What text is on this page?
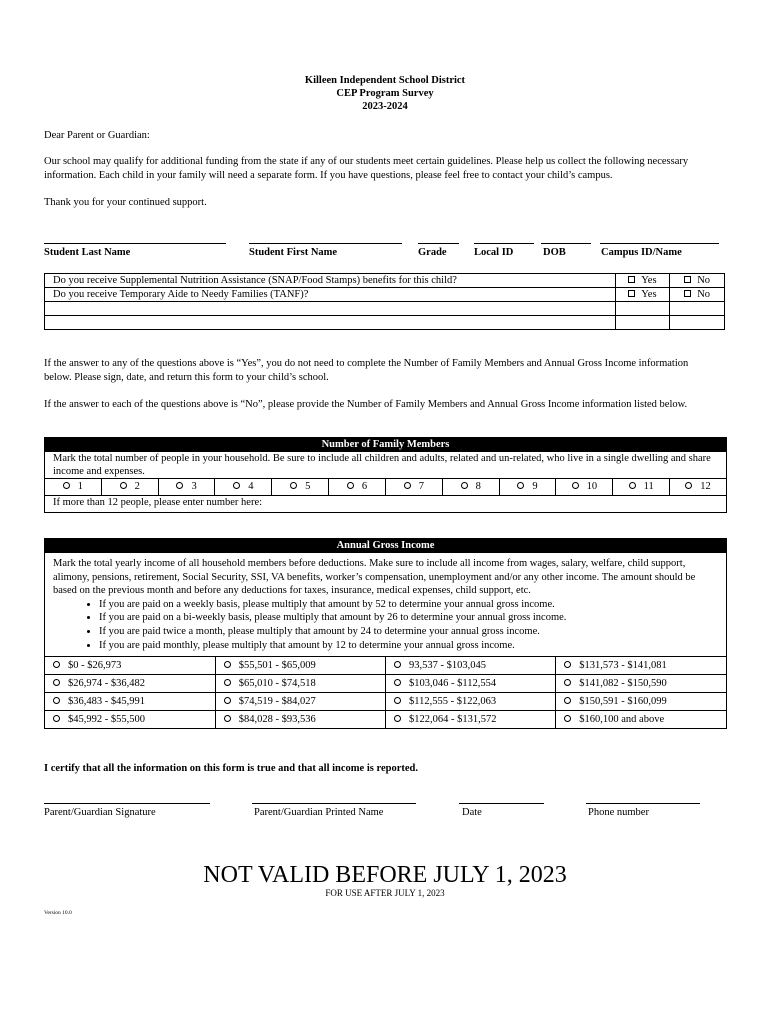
Killeen Independent School District
CEP Program Survey
2023-2024

Dear Parent or Guardian:

Our school may qualify for additional funding from the state if any of our students meet certain guidelines. Please help us collect the following necessary information. Each child in your family will need a separate form. If you have questions, please feel free to contact your child’s campus.

Thank you for your continued support.

Student Last Name	Student First Name	Grade	Local ID	DOB	Campus ID/Name
Do you receive Supplemental Nutrition Assistance (SNAP/Food Stamps) benefits for this child?	Yes	No
Do you receive Temporary Aide to Needy Families (TANF)?	Yes	No

If the answer to any of the questions above is “Yes”, you do not need to complete the Number of Family Members and Annual Gross Income information below. Please sign, date, and return this form to your child’s school.

If the answer to each of the questions above is “No”, please provide the Number of Family Members and Annual Gross Income information listed below.

Number of Family Members
Mark the total number of people in your household. Be sure to include all children and adults, related and un-related, who live in a single dwelling and share income and expenses.
1	2	3	4	5	6	7	8	9	10	11	12
If more than 12 people, please enter number here:
Annual Gross Income
Mark the total yearly income of all household members before deductions. Make sure to include all income from wages, salary, welfare, child support, alimony, pensions, retirement, Social Security, SSI, VA benefits, worker’s compensation, unemployment and/or any other income. The amount should be based on the previous month and before any deductions for taxes, insurance, medical expenses, child support, etc.
• If you are paid on a weekly basis, please multiply that amount by 52 to determine your annual gross income.
• If you are paid on a bi-weekly basis, please multiply that amount by 26 to determine your annual gross income.
• If you are paid twice a month, please multiply that amount by 24 to determine your annual gross income.
• If you are paid monthly, please multiply that amount by 12 to determine your annual gross income.
$0 - $26,973	$55,501 - $65,009	93,537 - $103,045	$131,573 - $141,081
$26,974 - $36,482	$65,010 - $74,518	$103,046 - $112,554	$141,082 - $150,590
$36,483 - $45,991	$74,519 - $84,027	$112,555 - $122,063	$150,591 - $160,099
$45,992 - $55,500	$84,028 - $93,536	$122,064 - $131,572	$160,100 and above

I certify that all the information on this form is true and that all income is reported.

Parent/Guardian Signature	Parent/Guardian Printed Name	Date	Phone number
NOT VALID BEFORE JULY 1, 2023
FOR USE AFTER JULY 1, 2023
Version 10.0
